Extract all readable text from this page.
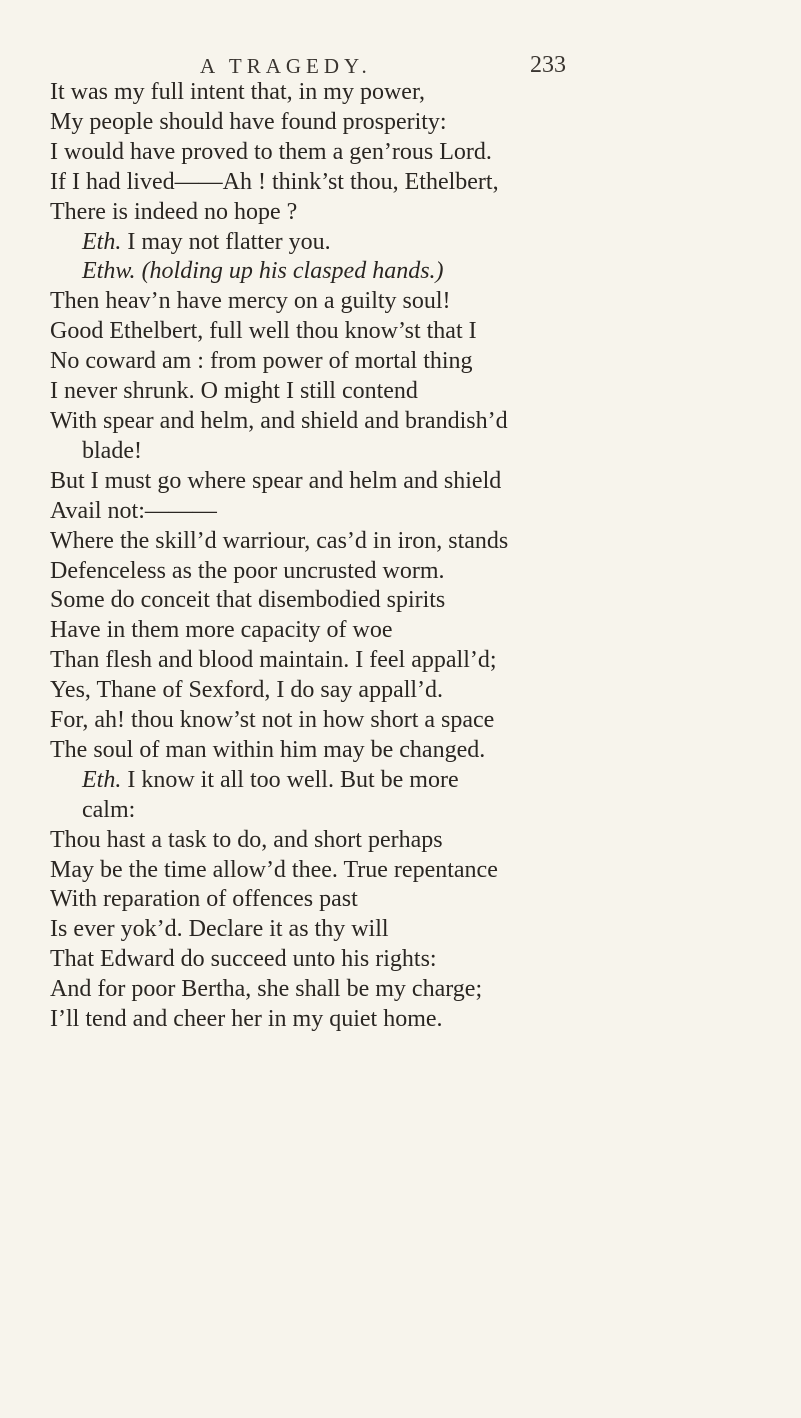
A TRAGEDY.	233
It was my full intent that, in my power,
My people should have found prosperity:
I would have proved to them a gen’rous Lord.
If I had lived——Ah ! think’st thou, Ethelbert,
There is indeed no hope ?
Eth. I may not flatter you.
Ethw. (holding up his clasped hands.)
Then heav’n have mercy on a guilty soul!
Good Ethelbert, full well thou know’st that I
No coward am : from power of mortal thing
I never shrunk. O might I still contend
With spear and helm, and shield and brandish’d
blade!
But I must go where spear and helm and shield
Avail not:———
Where the skill’d warriour, cas’d in iron, stands
Defenceless as the poor uncrusted worm.
Some do conceit that disembodied spirits
Have in them more capacity of woe
Than flesh and blood maintain. I feel appall’d;
Yes, Thane of Sexford, I do say appall’d.
For, ah! thou know’st not in how short a space
The soul of man within him may be changed.
Eth. I know it all too well. But be more
calm:
Thou hast a task to do, and short perhaps
May be the time allow’d thee. True repentance
With reparation of offences past
Is ever yok’d. Declare it as thy will
That Edward do succeed unto his rights:
And for poor Bertha, she shall be my charge;
I’ll tend and cheer her in my quiet home.
